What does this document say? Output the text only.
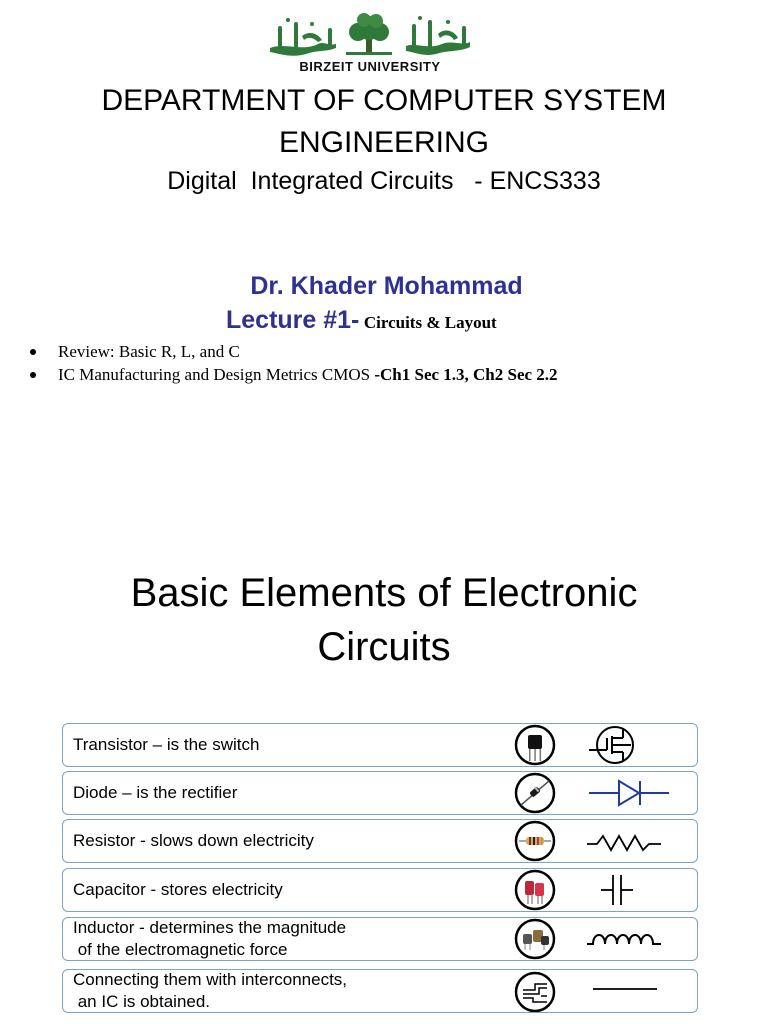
BIRZEIT UNIVERSITY
DEPARTMENT OF COMPUTER SYSTEM
ENGINEERING
Digital  Integrated Circuits   - ENCS333
Dr. Khader Mohammad
Lecture #1- Circuits & Layout
Review: Basic R, L, and C
IC Manufacturing and Design Metrics CMOS -Ch1 Sec 1.3, Ch2 Sec 2.2
Basic Elements of Electronic
Circuits
Transistor – is the switch
Diode – is the rectifier
Resistor - slows down electricity
Capacitor - stores electricity
Inductor - determines the magnitude
of the electromagnetic force
Connecting them with interconnects,
an IC is obtained.
